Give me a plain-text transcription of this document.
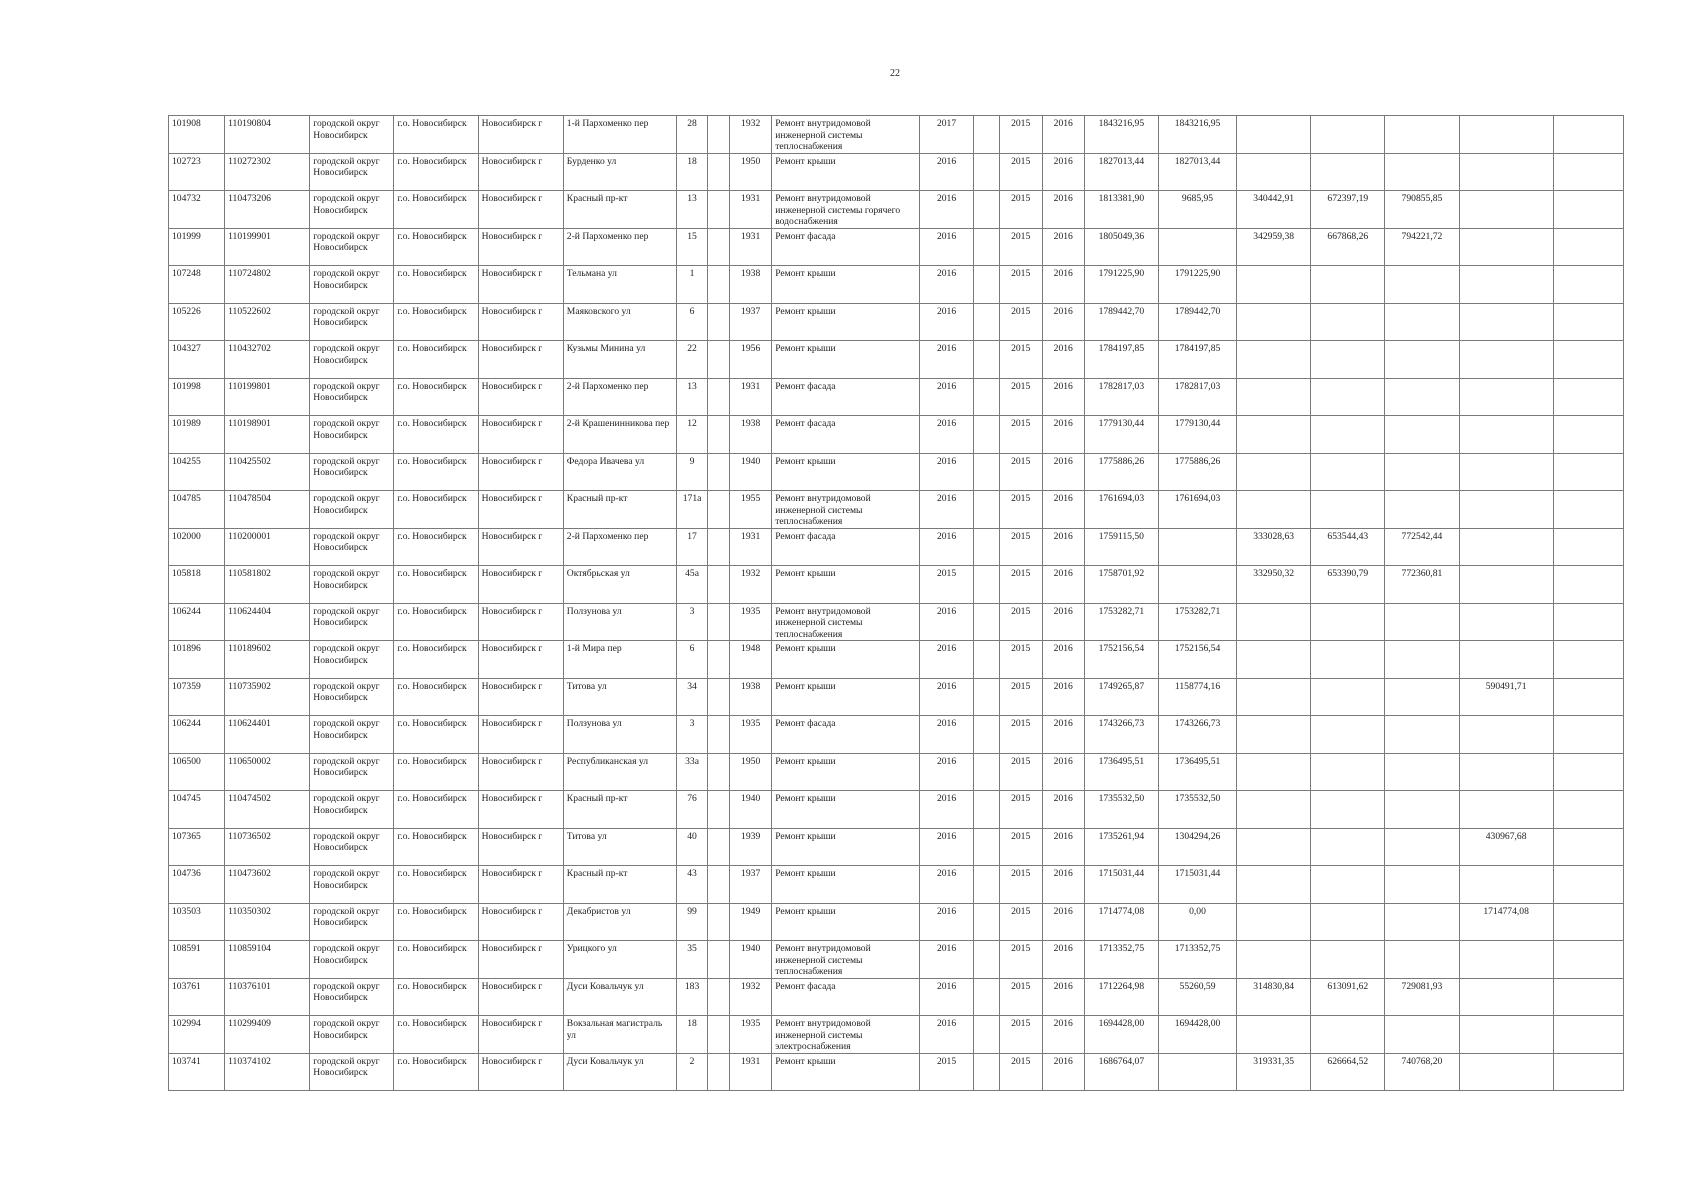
22
101908	110190804	городской округ Новосибирск	г.о. Новосибирск	Новосибирск г	1-й Пархоменко пер	28		1932	Ремонт внутридомовой инженерной системы теплоснабжения	2017		2015	2016	1843216,95	1843216,95					
102723	110272302	городской округ Новосибирск	г.о. Новосибирск	Новосибирск г	Бурденко ул	18		1950	Ремонт крыши	2016		2015	2016	1827013,44	1827013,44					
104732	110473206	городской округ Новосибирск	г.о. Новосибирск	Новосибирск г	Красный пр-кт	13		1931	Ремонт внутридомовой инженерной системы горячего водоснабжения	2016		2015	2016	1813381,90	9685,95	340442,91	672397,19	790855,85		
101999	110199901	городской округ Новосибирск	г.о. Новосибирск	Новосибирск г	2-й Пархоменко пер	15		1931	Ремонт фасада	2016		2015	2016	1805049,36		342959,38	667868,26	794221,72		
107248	110724802	городской округ Новосибирск	г.о. Новосибирск	Новосибирск г	Тельмана ул	1		1938	Ремонт крыши	2016		2015	2016	1791225,90	1791225,90					
105226	110522602	городской округ Новосибирск	г.о. Новосибирск	Новосибирск г	Маяковского ул	6		1937	Ремонт крыши	2016		2015	2016	1789442,70	1789442,70					
104327	110432702	городской округ Новосибирск	г.о. Новосибирск	Новосибирск г	Кузьмы Минина ул	22		1956	Ремонт крыши	2016		2015	2016	1784197,85	1784197,85					
101998	110199801	городской округ Новосибирск	г.о. Новосибирск	Новосибирск г	2-й Пархоменко пер	13		1931	Ремонт фасада	2016		2015	2016	1782817,03	1782817,03					
101989	110198901	городской округ Новосибирск	г.о. Новосибирск	Новосибирск г	2-й Крашенинникова пер	12		1938	Ремонт фасада	2016		2015	2016	1779130,44	1779130,44					
104255	110425502	городской округ Новосибирск	г.о. Новосибирск	Новосибирск г	Федора Ивачева ул	9		1940	Ремонт крыши	2016		2015	2016	1775886,26	1775886,26					
104785	110478504	городской округ Новосибирск	г.о. Новосибирск	Новосибирск г	Красный пр-кт	171а		1955	Ремонт внутридомовой инженерной системы теплоснабжения	2016		2015	2016	1761694,03	1761694,03					
102000	110200001	городской округ Новосибирск	г.о. Новосибирск	Новосибирск г	2-й Пархоменко пер	17		1931	Ремонт фасада	2016		2015	2016	1759115,50		333028,63	653544,43	772542,44		
105818	110581802	городской округ Новосибирск	г.о. Новосибирск	Новосибирск г	Октябрьская ул	45а		1932	Ремонт крыши	2015		2015	2016	1758701,92		332950,32	653390,79	772360,81		
106244	110624404	городской округ Новосибирск	г.о. Новосибирск	Новосибирск г	Ползунова ул	3		1935	Ремонт внутридомовой инженерной системы теплоснабжения	2016		2015	2016	1753282,71	1753282,71					
101896	110189602	городской округ Новосибирск	г.о. Новосибирск	Новосибирск г	1-й Мира пер	6		1948	Ремонт крыши	2016		2015	2016	1752156,54	1752156,54					
107359	110735902	городской округ Новосибирск	г.о. Новосибирск	Новосибирск г	Титова ул	34		1938	Ремонт крыши	2016		2015	2016	1749265,87	1158774,16				590491,71	
106244	110624401	городской округ Новосибирск	г.о. Новосибирск	Новосибирск г	Ползунова ул	3		1935	Ремонт фасада	2016		2015	2016	1743266,73	1743266,73					
106500	110650002	городской округ Новосибирск	г.о. Новосибирск	Новосибирск г	Республиканская ул	33а		1950	Ремонт крыши	2016		2015	2016	1736495,51	1736495,51					
104745	110474502	городской округ Новосибирск	г.о. Новосибирск	Новосибирск г	Красный пр-кт	76		1940	Ремонт крыши	2016		2015	2016	1735532,50	1735532,50					
107365	110736502	городской округ Новосибирск	г.о. Новосибирск	Новосибирск г	Титова ул	40		1939	Ремонт крыши	2016		2015	2016	1735261,94	1304294,26				430967,68	
104736	110473602	городской округ Новосибирск	г.о. Новосибирск	Новосибирск г	Красный пр-кт	43		1937	Ремонт крыши	2016		2015	2016	1715031,44	1715031,44					
103503	110350302	городской округ Новосибирск	г.о. Новосибирск	Новосибирск г	Декабристов ул	99		1949	Ремонт крыши	2016		2015	2016	1714774,08	0,00				1714774,08	
108591	110859104	городской округ Новосибирск	г.о. Новосибирск	Новосибирск г	Урицкого ул	35		1940	Ремонт внутридомовой инженерной системы теплоснабжения	2016		2015	2016	1713352,75	1713352,75					
103761	110376101	городской округ Новосибирск	г.о. Новосибирск	Новосибирск г	Дуси Ковальчук ул	183		1932	Ремонт фасада	2016		2015	2016	1712264,98	55260,59	314830,84	613091,62	729081,93		
102994	110299409	городской округ Новосибирск	г.о. Новосибирск	Новосибирск г	Вокзальная магистраль ул	18		1935	Ремонт внутридомовой инженерной системы электроснабжения	2016		2015	2016	1694428,00	1694428,00					
103741	110374102	городской округ Новосибирск	г.о. Новосибирск	Новосибирск г	Дуси Ковальчук ул	2		1931	Ремонт крыши	2015		2015	2016	1686764,07		319331,35	626664,52	740768,20		
